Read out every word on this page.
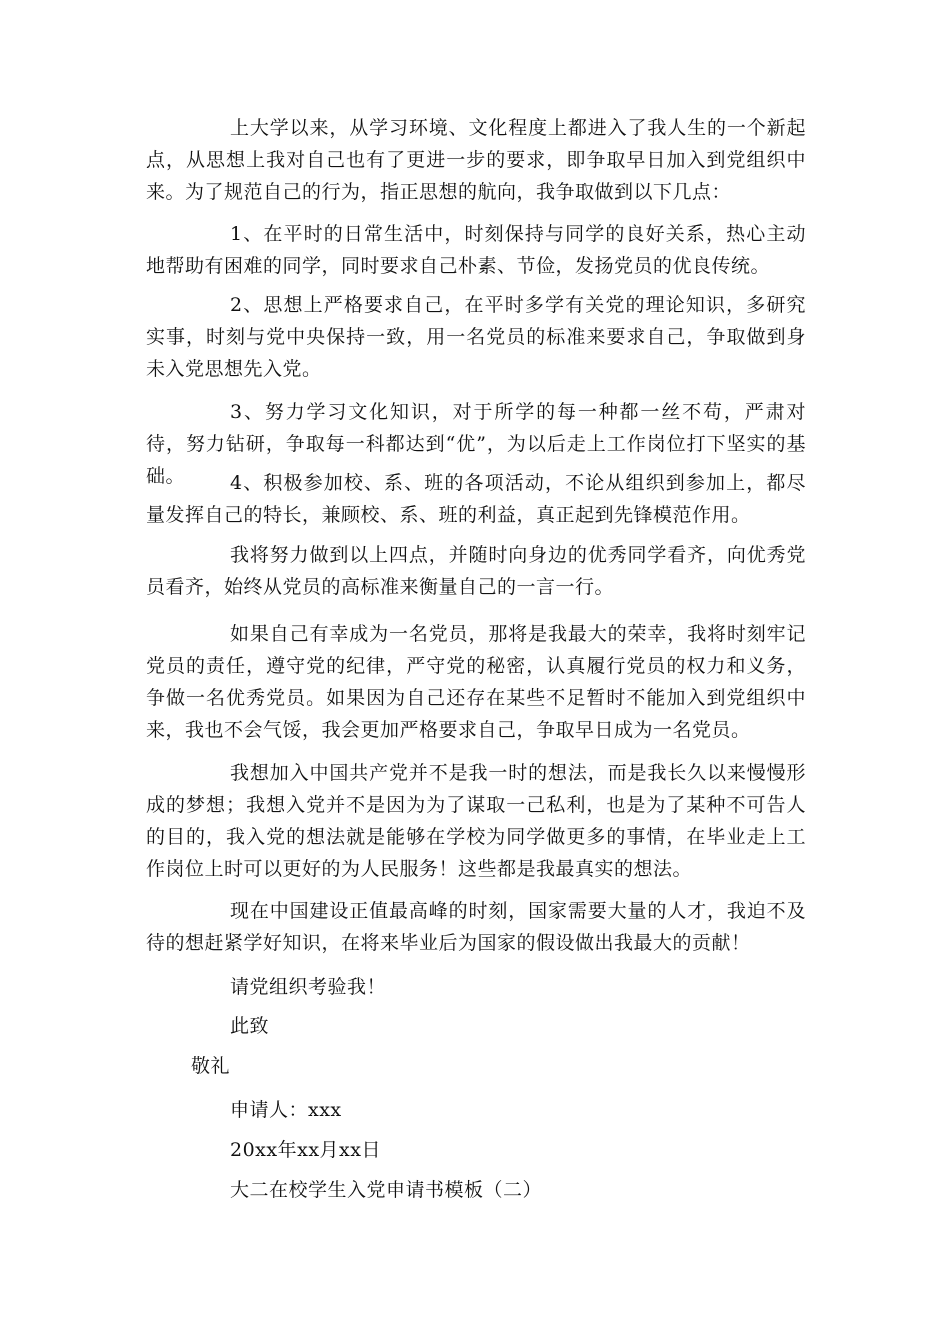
上大学以来，从学习环境、文化程度上都进入了我人生的一个新起点，从思想上我对自己也有了更进一步的要求，即争取早日加入到党组织中来。为了规范自己的行为，指正思想的航向，我争取做到以下几点：

1、在平时的日常生活中，时刻保持与同学的良好关系，热心主动地帮助有困难的同学，同时要求自己朴素、节俭，发扬党员的优良传统。

2、思想上严格要求自己，在平时多学有关党的理论知识，多研究实事，时刻与党中央保持一致，用一名党员的标准来要求自己，争取做到身未入党思想先入党。

3、努力学习文化知识，对于所学的每一种都一丝不苟，严肃对待，努力钻研，争取每一科都达到“优”，为以后走上工作岗位打下坚实的基础。	4、积极参加校、系、班的各项活动，不论从组织到参加上，都尽量发挥自己的特长，兼顾校、系、班的利益，真正起到先锋模范作用。

我将努力做到以上四点，并随时向身边的优秀同学看齐，向优秀党员看齐，始终从党员的高标准来衡量自己的一言一行。

如果自己有幸成为一名党员，那将是我最大的荣幸，我将时刻牢记党员的责任，遵守党的纪律，严守党的秘密，认真履行党员的权力和义务，争做一名优秀党员。如果因为自己还存在某些不足暂时不能加入到党组织中来，我也不会气馁，我会更加严格要求自己，争取早日成为一名党员。

我想加入中国共产党并不是我一时的想法，而是我长久以来慢慢形成的梦想；我想入党并不是因为为了谋取一己私利，也是为了某种不可告人的目的，我入党的想法就是能够在学校为同学做更多的事情，在毕业走上工作岗位上时可以更好的为人民服务！这些都是我最真实的想法。

现在中国建设正值最高峰的时刻，国家需要大量的人才，我迫不及待的想赶紧学好知识，在将来毕业后为国家的假设做出我最大的贡献！

请党组织考验我！

此致

敬礼

申请人：xxx

20xx年xx月xx日

大二在校学生入党申请书模板（二）
